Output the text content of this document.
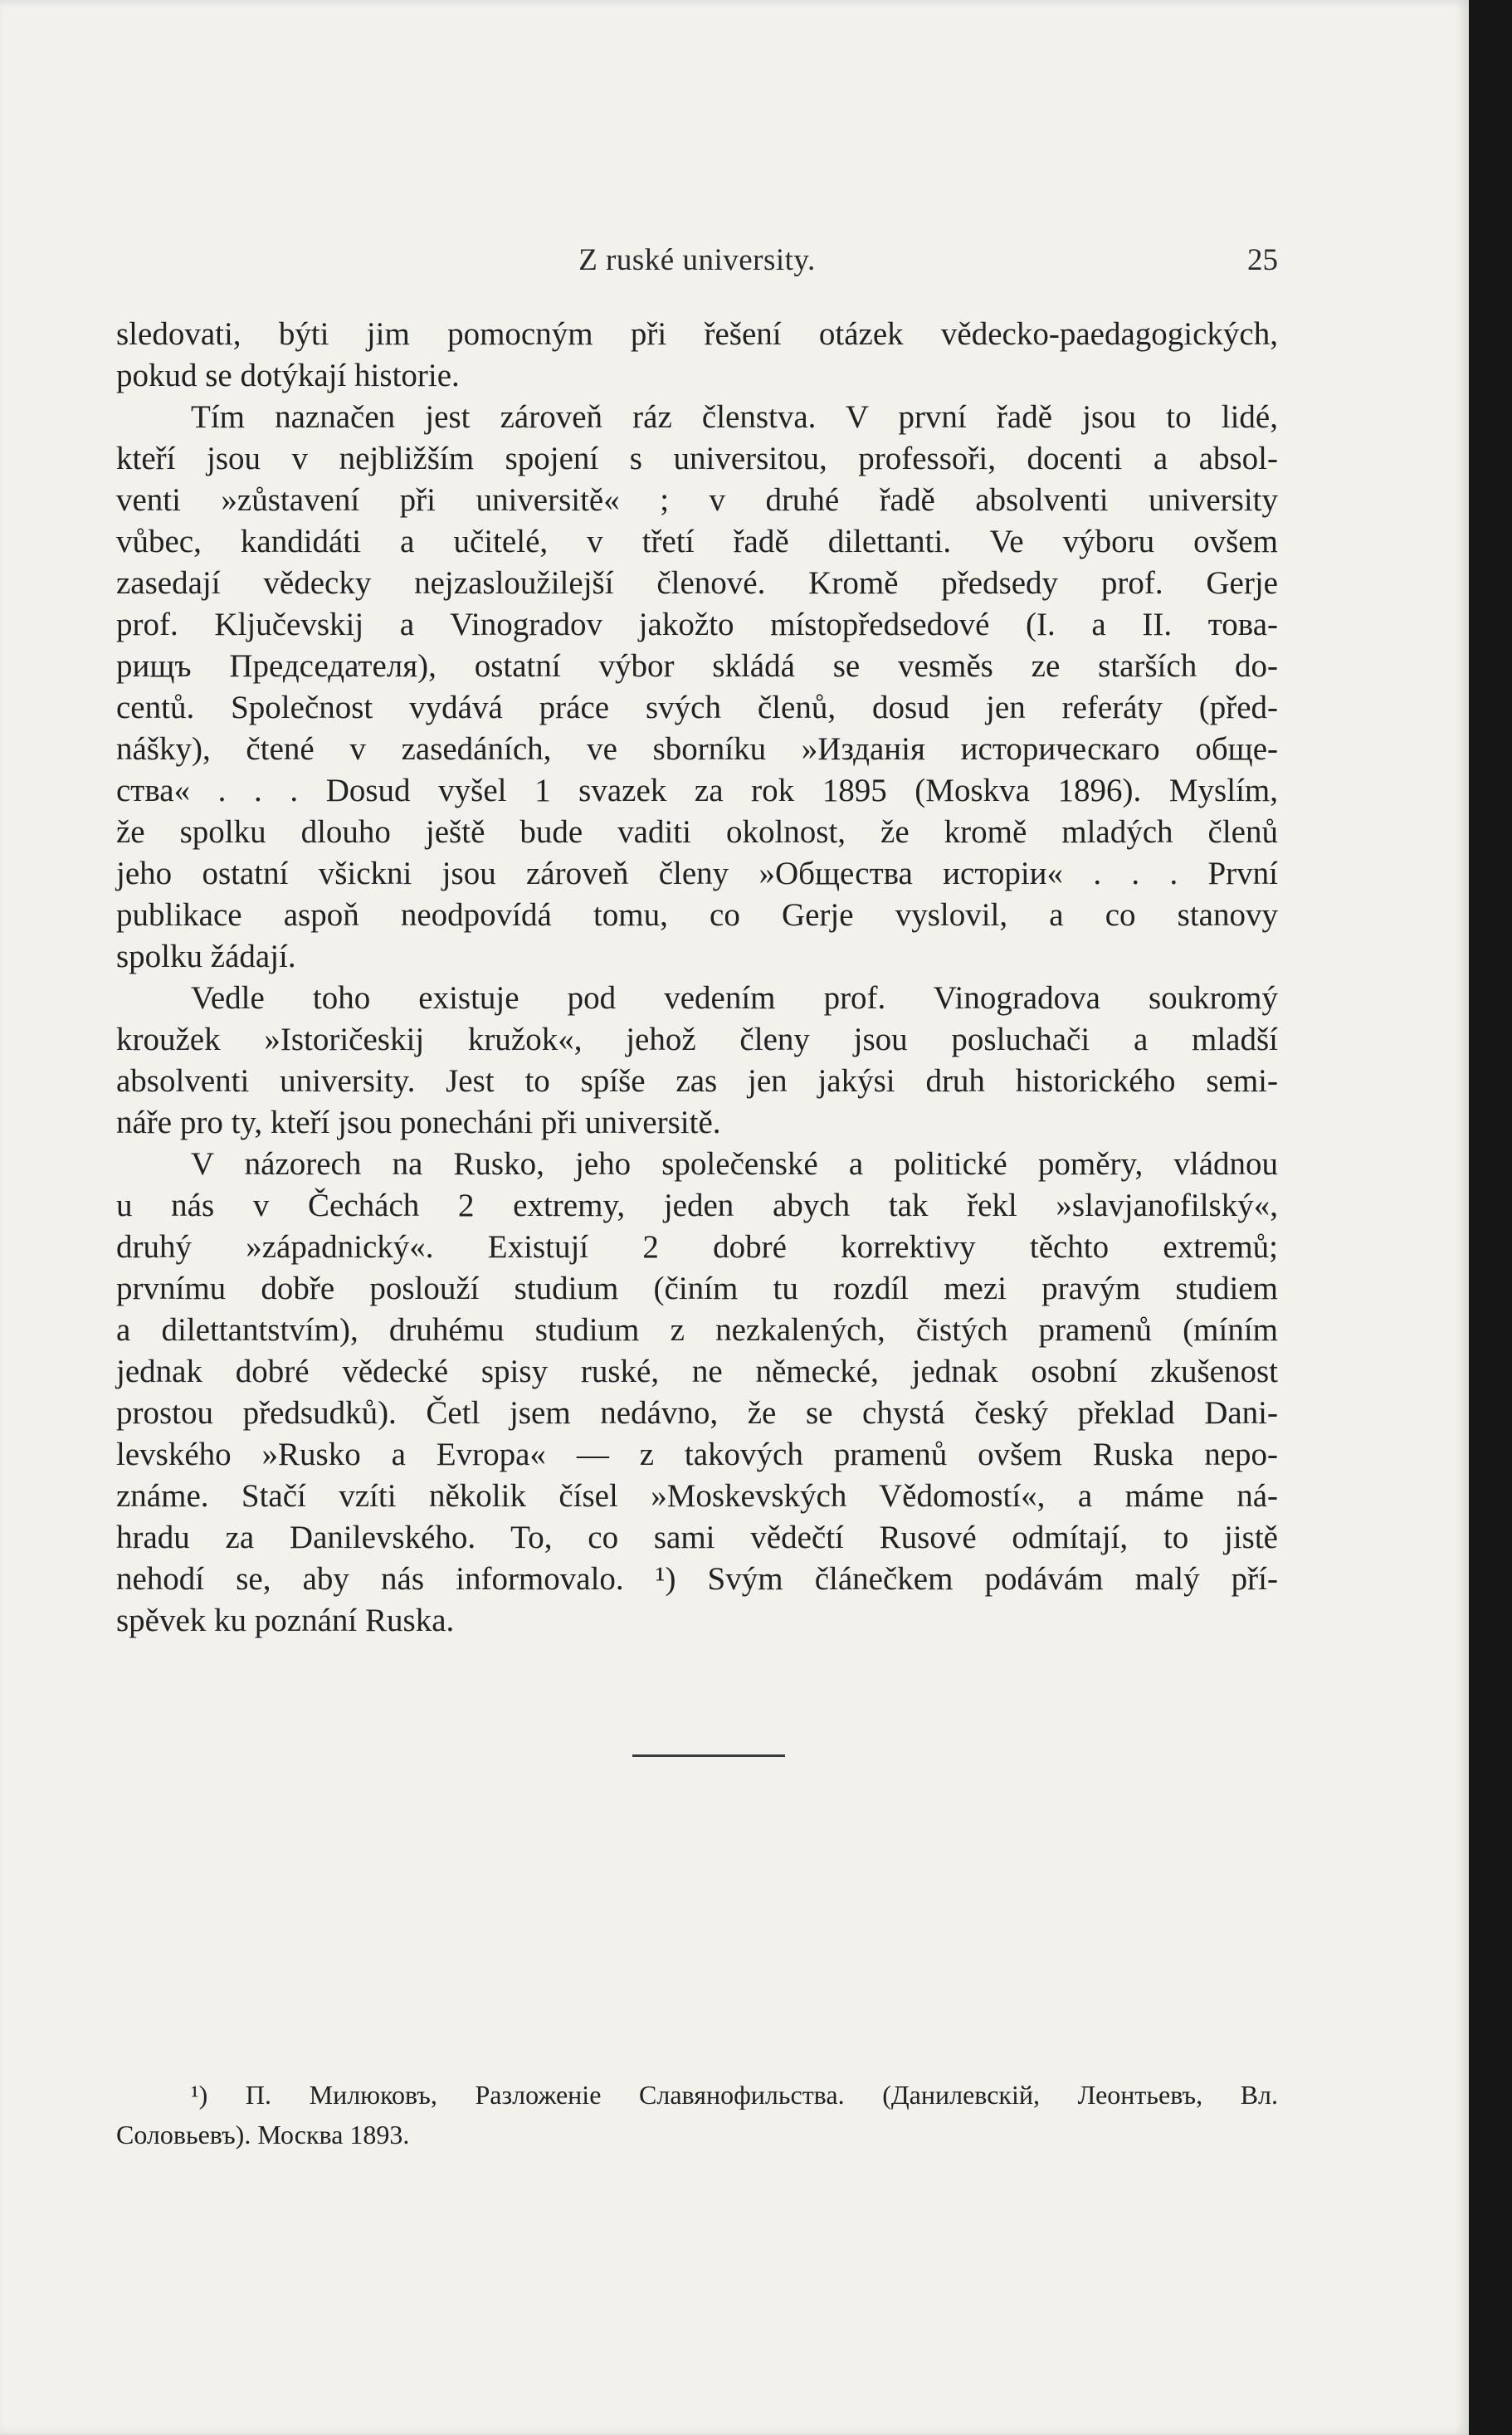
Z ruské university.	25
sledovati, býti jim pomocným při řešení otázek vědecko-paedagogických,
pokud se dotýkají historie.
Tím naznačen jest zároveň ráz členstva. V první řadě jsou to lidé,
kteří jsou v nejbližším spojení s universitou, professoři, docenti a absol-
venti »zůstavení při universitě« ; v druhé řadě absolventi university
vůbec, kandidáti a učitelé, v třetí řadě dilettanti. Ve výboru ovšem
zasedají vědecky nejzasloužilejší členové. Kromě předsedy prof. Gerje
prof. Ključevskij a Vinogradov jakožto místopředsedové (I. a II. това-
рищъ Председателя), ostatní výbor skládá se vesměs ze starších do-
centů. Společnost vydává práce svých členů, dosud jen referáty (před-
nášky), čtené v zasedáních, ve sborníku »Изданія историческаго обще-
ства« . . . Dosud vyšel 1 svazek za rok 1895 (Moskva 1896). Myslím,
že spolku dlouho ještě bude vaditi okolnost, že kromě mladých členů
jeho ostatní všickni jsou zároveň členy »Общества исторіи« . . . První
publikace aspoň neodpovídá tomu, co Gerje vyslovil, a co stanovy
spolku žádají.
Vedle toho existuje pod vedením prof. Vinogradova soukromý
kroužek »Istoričeskij kružok«, jehož členy jsou posluchači a mladší
absolventi university. Jest to spíše zas jen jakýsi druh historického semi-
náře pro ty, kteří jsou ponecháni při universitě.
V názorech na Rusko, jeho společenské a politické poměry, vládnou
u nás v Čechách 2 extremy, jeden abych tak řekl »slavjanofilský«,
druhý »západnický«. Existují 2 dobré korrektivy těchto extremů;
prvnímu dobře poslouží studium (činím tu rozdíl mezi pravým studiem
a dilettantstvím), druhému studium z nezkalených, čistých pramenů (míním
jednak dobré vědecké spisy ruské, ne německé, jednak osobní zkušenost
prostou předsudků). Četl jsem nedávno, že se chystá český překlad Dani-
levského »Rusko a Evropa« — z takových pramenů ovšem Ruska nepo-
známe. Stačí vzíti několik čísel »Moskevských Vědomostí«, a máme ná-
hradu za Danilevského. To, co sami vědečtí Rusové odmítají, to jistě
nehodí se, aby nás informovalo. ¹) Svým článečkem podávám malý pří-
spěvek ku poznání Ruska.
¹) П. Милюковъ, Разложеніе Славянофильства. (Данилевскій, Леонтьевъ, Вл.
Соловьевъ). Москва 1893.
